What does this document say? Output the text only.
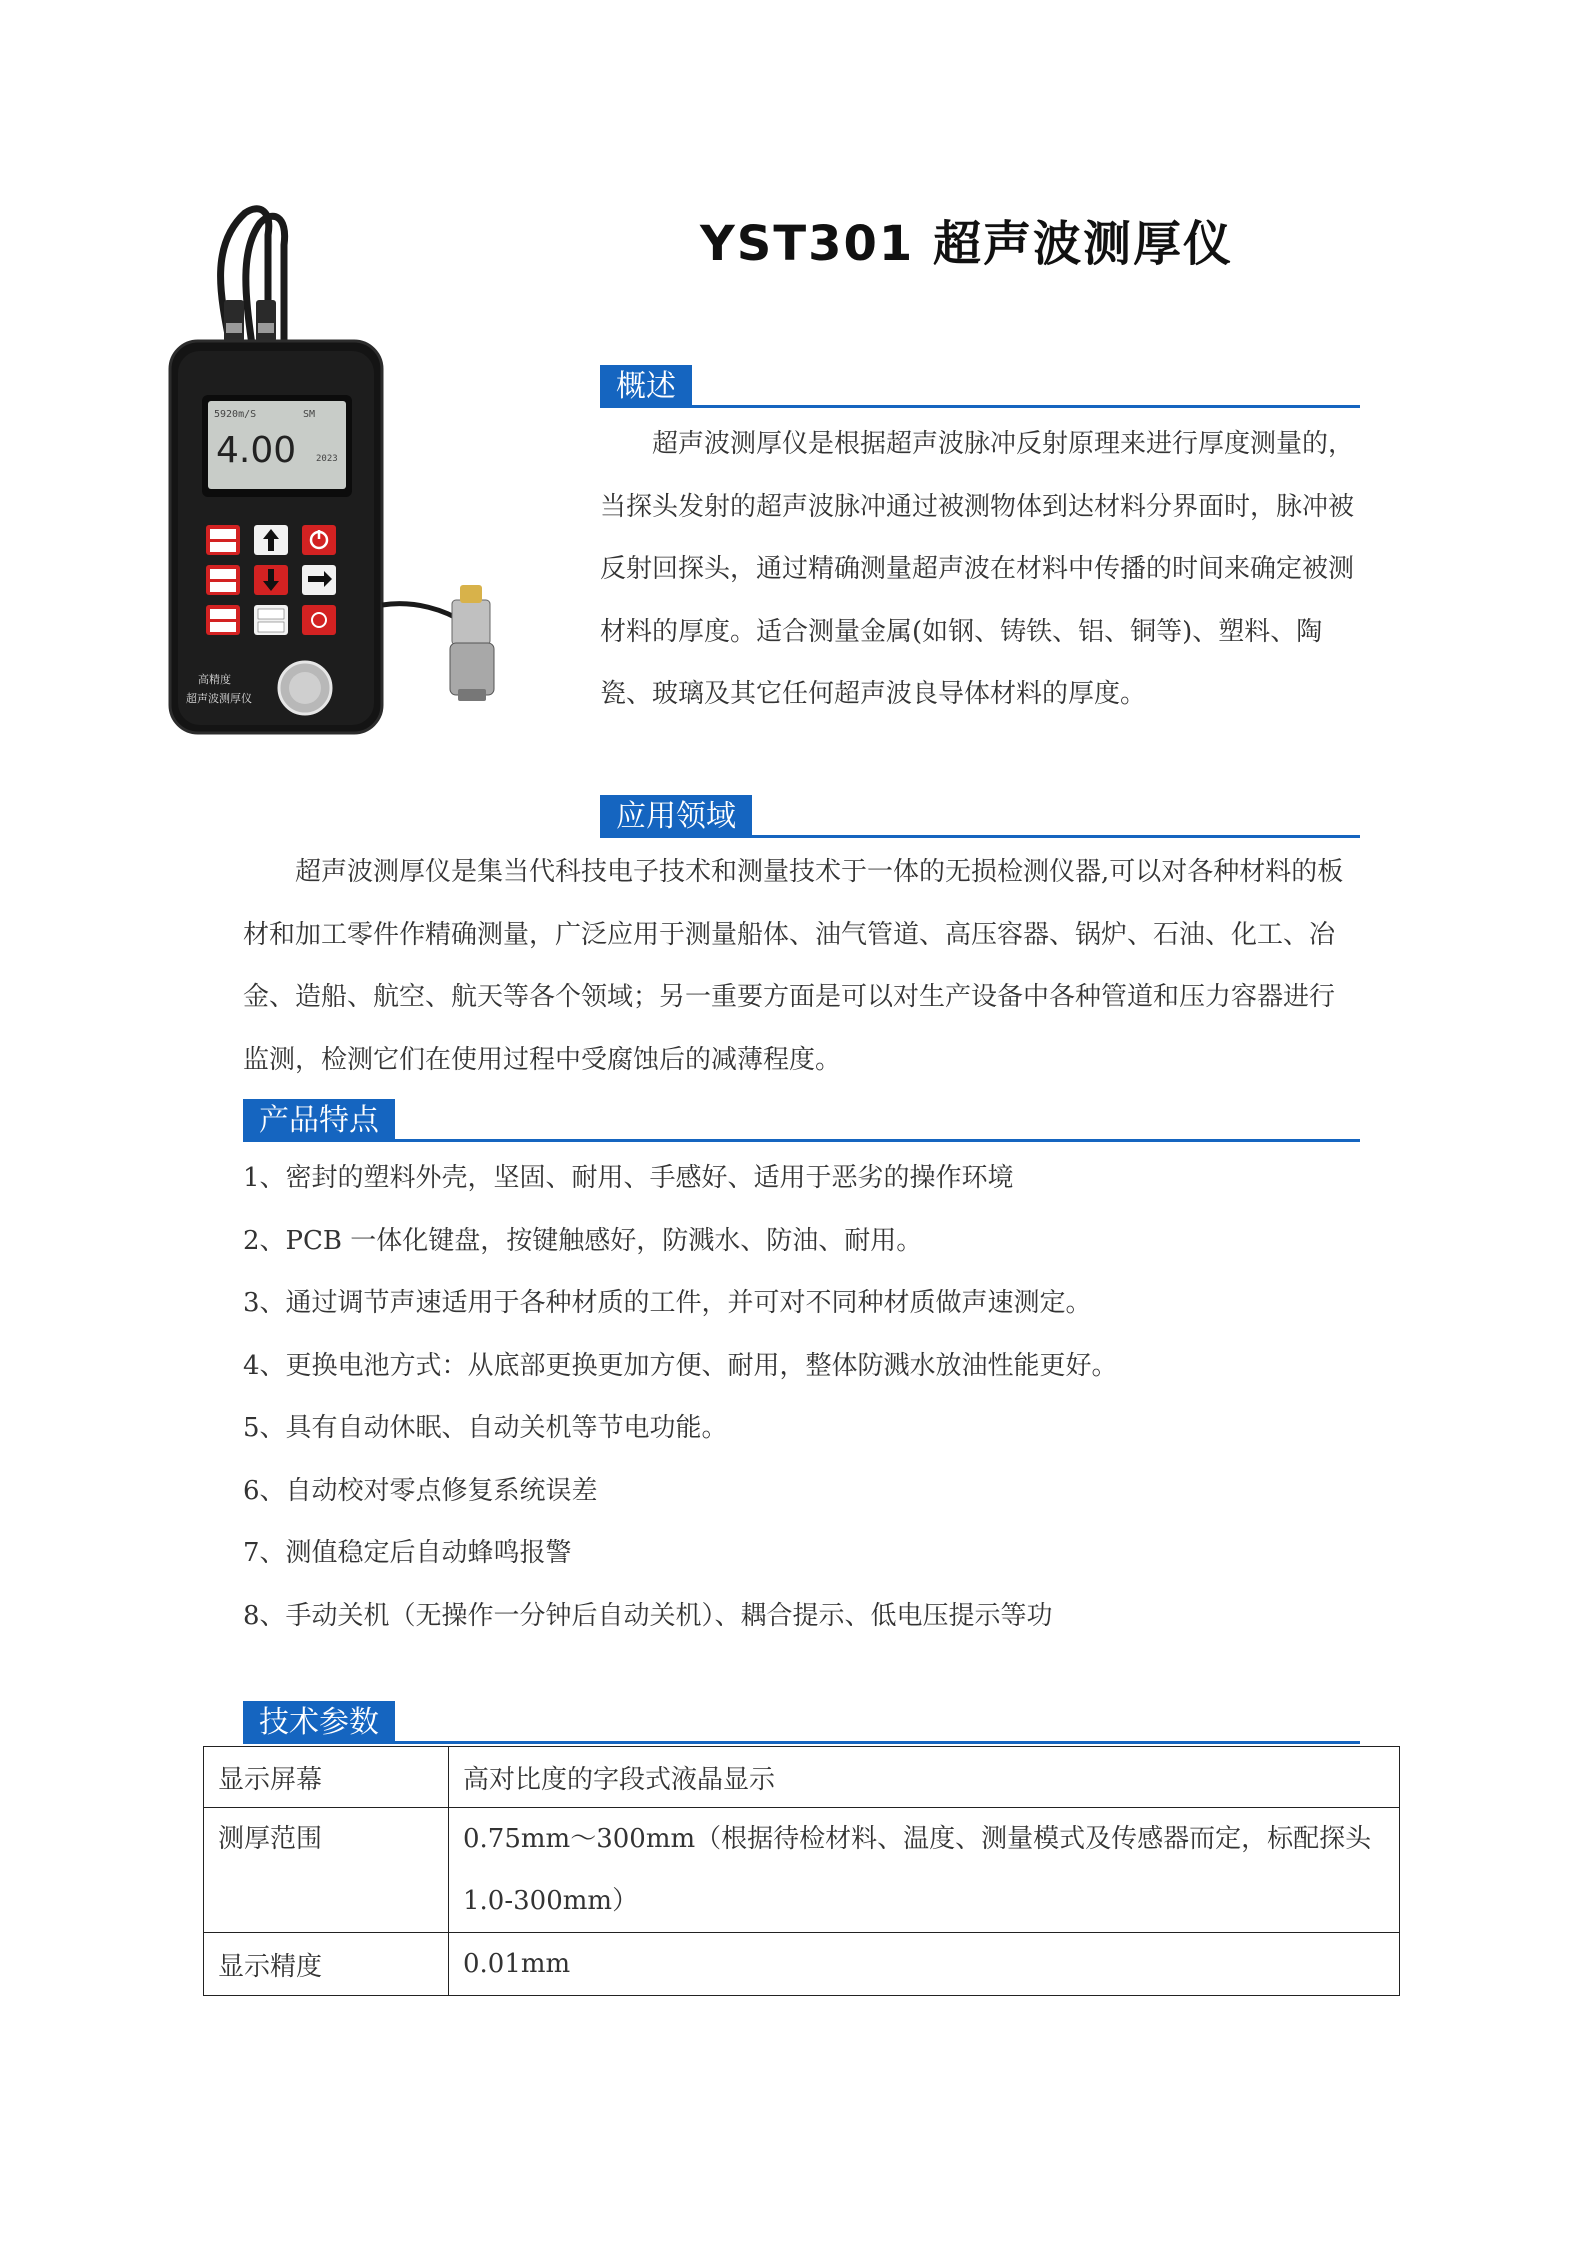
YST301 超声波测厚仪
5920m/S	SM
4.00 2023
高精度
超声波测厚仪
概述
超声波测厚仪是根据超声波脉冲反射原理来进行厚度测量的，当探头发射的超声波脉冲通过被测物体到达材料分界面时，脉冲被反射回探头，通过精确测量超声波在材料中传播的时间来确定被测材料的厚度。适合测量金属(如钢、铸铁、铝、铜等)、塑料、陶瓷、玻璃及其它任何超声波良导体材料的厚度。
应用领域
超声波测厚仪是集当代科技电子技术和测量技术于一体的无损检测仪器,可以对各种材料的板材和加工零件作精确测量，广泛应用于测量船体、油气管道、高压容器、锅炉、石油、化工、冶金、造船、航空、航天等各个领域；另一重要方面是可以对生产设备中各种管道和压力容器进行监测，检测它们在使用过程中受腐蚀后的减薄程度。
产品特点
1、密封的塑料外壳，坚固、耐用、手感好、适用于恶劣的操作环境
2、PCB 一体化键盘，按键触感好，防溅水、防油、耐用。
3、通过调节声速适用于各种材质的工件，并可对不同种材质做声速测定。
4、更换电池方式：从底部更换更加方便、耐用，整体防溅水放油性能更好。
5、具有自动休眠、自动关机等节电功能。
6、自动校对零点修复系统误差
7、测值稳定后自动蜂鸣报警
8、手动关机（无操作一分钟后自动关机）、耦合提示、低电压提示等功
技术参数
显示屏幕	高对比度的字段式液晶显示

测厚范围	0.75mm～300mm（根据待检材料、温度、测量模式及传感器而定，标配探头
1.0-300mm）

显示精度	0.01mm
